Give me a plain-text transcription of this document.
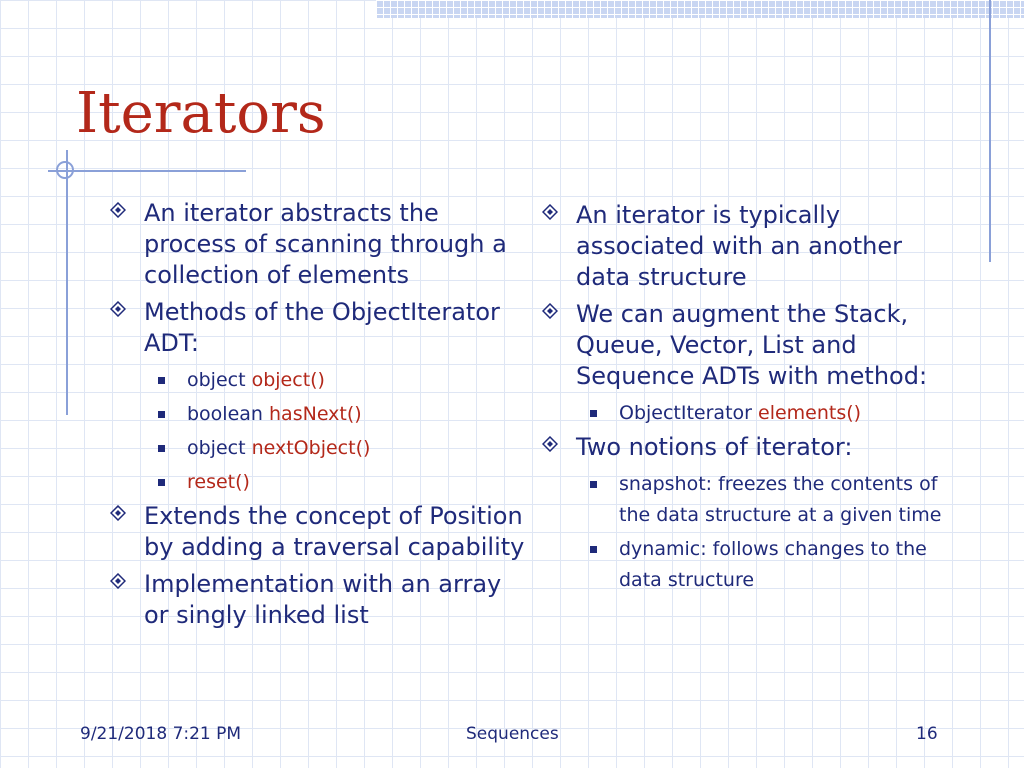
Iterators
An iterator abstracts the process of scanning through a collection of elements
Methods of the ObjectIterator ADT:
object object()
boolean hasNext()
object nextObject()
reset()
Extends the concept of Position by adding a traversal capability
Implementation with an array or singly linked list
An iterator is typically associated with an another data structure
We can augment the Stack, Queue, Vector, List and Sequence ADTs with method:
ObjectIterator elements()
Two notions of iterator:
snapshot: freezes the contents of the data structure at a given time
dynamic: follows changes to the data structure
9/21/2018 7:21 PM	Sequences	16
